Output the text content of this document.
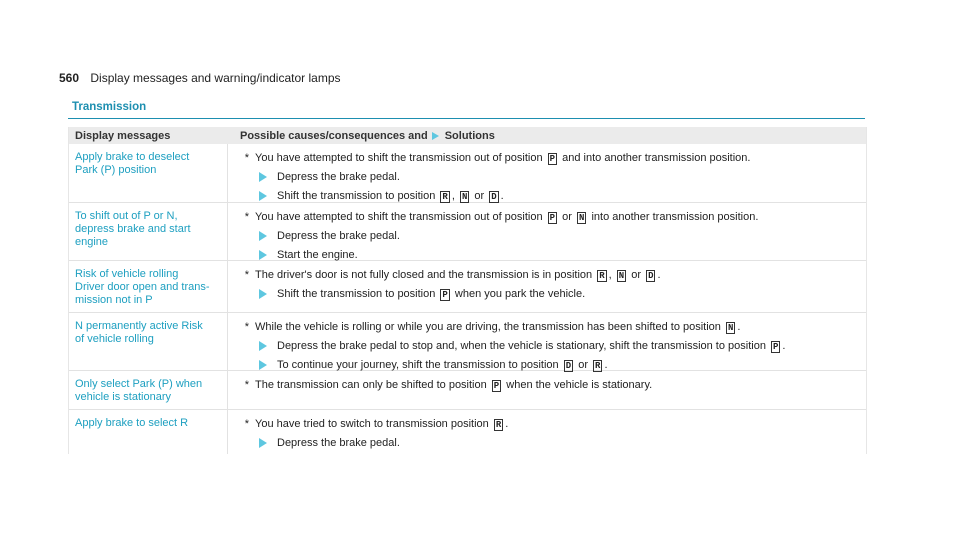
560 Display messages and warning/indicator lamps
Transmission
Display messages	Possible causes/consequences and Solutions
Apply brake to deselect
Park (P) position
* You have attempted to shift the transmission out of position P and into another transmission position.
Depress the brake pedal.
Shift the transmission to position R , N or D .
To shift out of P or N,
depress brake and start
engine
* You have attempted to shift the transmission out of position P or N into another transmission position.
Depress the brake pedal.
Start the engine.
Risk of vehicle rolling
Driver door open and trans-
mission not in P
* The driver's door is not fully closed and the transmission is in position R , N or D .
Shift the transmission to position P when you park the vehicle.
N permanently active Risk
of vehicle rolling
* While the vehicle is rolling or while you are driving, the transmission has been shifted to position N .
Depress the brake pedal to stop and, when the vehicle is stationary, shift the transmission to position P .
To continue your journey, shift the transmission to position D or R .
Only select Park (P) when
vehicle is stationary
* The transmission can only be shifted to position P when the vehicle is stationary.
Apply brake to select R	* You have tried to switch to transmission position R .
Depress the brake pedal.
